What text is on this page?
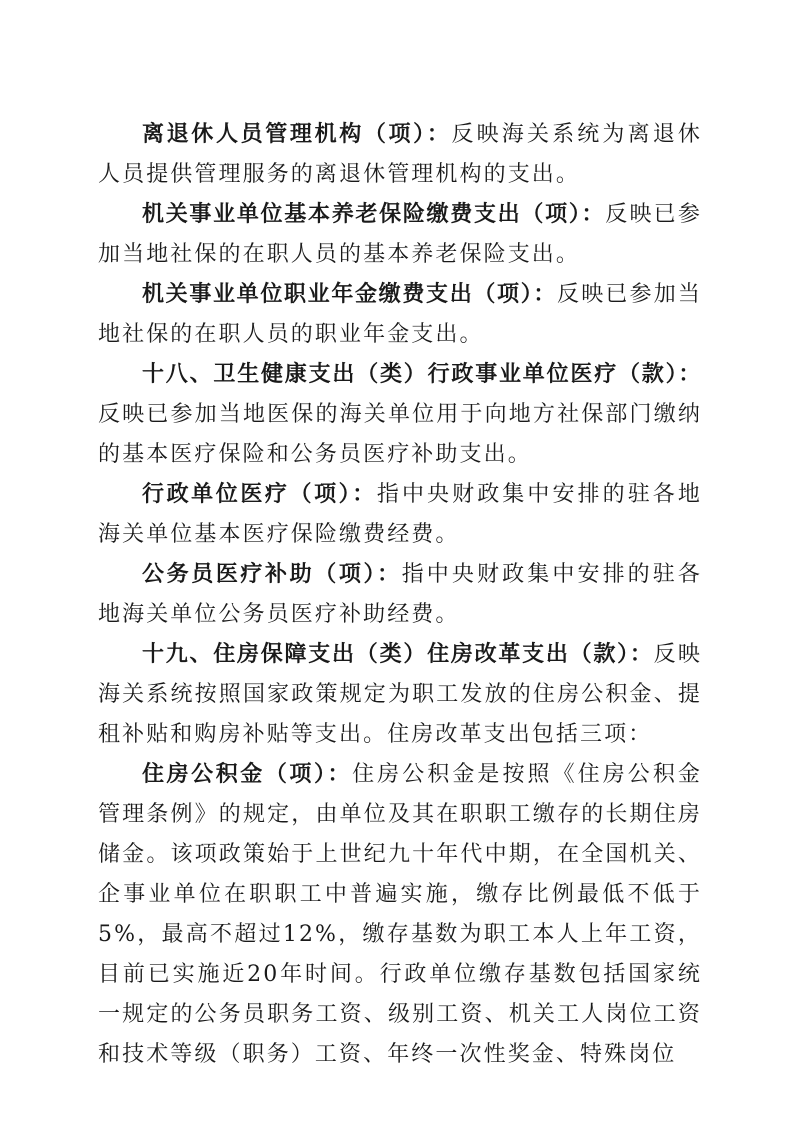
离退休人员管理机构（项）：反映海关系统为离退休人员提供管理服务的离退休管理机构的支出。

机关事业单位基本养老保险缴费支出（项）：反映已参加当地社保的在职人员的基本养老保险支出。

机关事业单位职业年金缴费支出（项）：反映已参加当地社保的在职人员的职业年金支出。

十八、卫生健康支出（类）行政事业单位医疗（款）：反映已参加当地医保的海关单位用于向地方社保部门缴纳的基本医疗保险和公务员医疗补助支出。

行政单位医疗（项）：指中央财政集中安排的驻各地海关单位基本医疗保险缴费经费。

公务员医疗补助（项）：指中央财政集中安排的驻各地海关单位公务员医疗补助经费。

十九、住房保障支出（类）住房改革支出（款）：反映海关系统按照国家政策规定为职工发放的住房公积金、提租补贴和购房补贴等支出。住房改革支出包括三项：

住房公积金（项）：住房公积金是按照《住房公积金管理条例》的规定，由单位及其在职职工缴存的长期住房储金。该项政策始于上世纪九十年代中期，在全国机关、企事业单位在职职工中普遍实施，缴存比例最低不低于5%，最高不超过12%，缴存基数为职工本人上年工资，目前已实施近20年时间。行政单位缴存基数包括国家统一规定的公务员职务工资、级别工资、机关工人岗位工资和技术等级（职务）工资、年终一次性奖金、特殊岗位
